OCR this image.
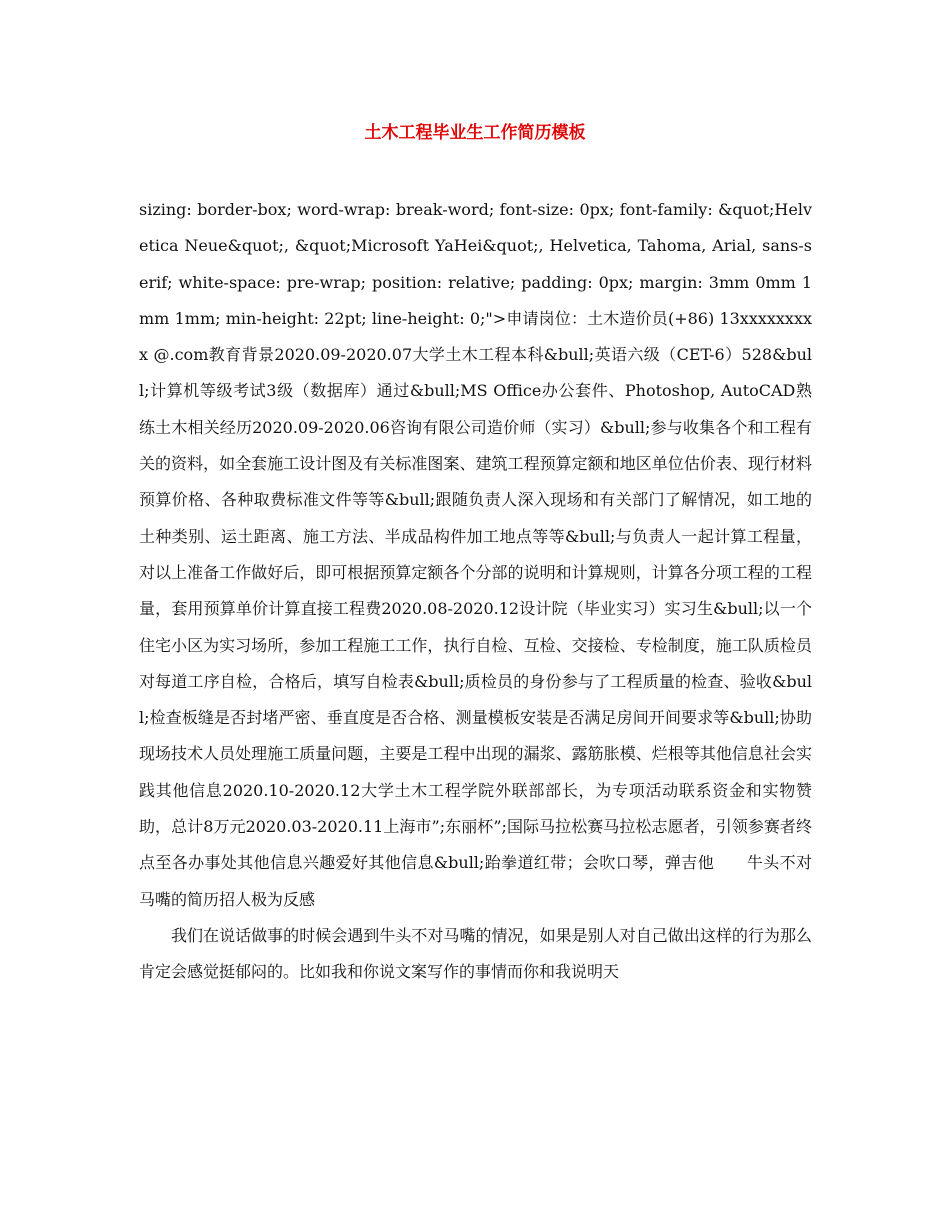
土木工程毕业生工作简历模板

sizing: border-box; word-wrap: break-word; font-size: 0px; font-family: &quot;Helvetica Neue&quot;, &quot;Microsoft YaHei&quot;, Helvetica, Tahoma, Arial, sans-serif; white-space: pre-wrap; position: relative; padding: 0px; margin: 3mm 0mm 1mm 1mm; min-height: 22pt; line-height: 0;">申请岗位：土木造价员(+86) 13xxxxxxxxx @.com教育背景2020.09-2020.07大学土木工程本科&bull;英语六级（CET-6）528&bull;计算机等级考试3级（数据库）通过&bull;MS Office办公套件、Photoshop, AutoCAD熟练土木相关经历2020.09-2020.06咨询有限公司造价师（实习）&bull;参与收集各个和工程有关的资料，如全套施工设计图及有关标准图案、建筑工程预算定额和地区单位估价表、现行材料预算价格、各种取费标准文件等等&bull;跟随负责人深入现场和有关部门了解情况，如工地的土种类别、运土距离、施工方法、半成品构件加工地点等等&bull;与负责人一起计算工程量，对以上准备工作做好后，即可根据预算定额各个分部的说明和计算规则，计算各分项工程的工程量，套用预算单价计算直接工程费2020.08-2020.12设计院（毕业实习）实习生&bull;以一个住宅小区为实习场所，参加工程施工工作，执行自检、互检、交接检、专检制度，施工队质检员对每道工序自检，合格后，填写自检表&bull;质检员的身份参与了工程质量的检查、验收&bull;检查板缝是否封堵严密、垂直度是否合格、测量模板安装是否满足房间开间要求等&bull;协助现场技术人员处理施工质量问题，主要是工程中出现的漏浆、露筋胀模、烂根等其他信息社会实践其他信息2020.10-2020.12大学土木工程学院外联部部长，为专项活动联系资金和实物赞助，总计8万元2020.03-2020.11上海市”;东丽杯”;国际马拉松赛马拉松志愿者，引领参赛者终点至各办事处其他信息兴趣爱好其他信息&bull;跆拳道红带；会吹口琴，弹吉他　　牛头不对马嘴的简历招人极为反感

我们在说话做事的时候会遇到牛头不对马嘴的情况，如果是别人对自己做出这样的行为那么肯定会感觉挺郁闷的。比如我和你说文案写作的事情而你和我说明天
